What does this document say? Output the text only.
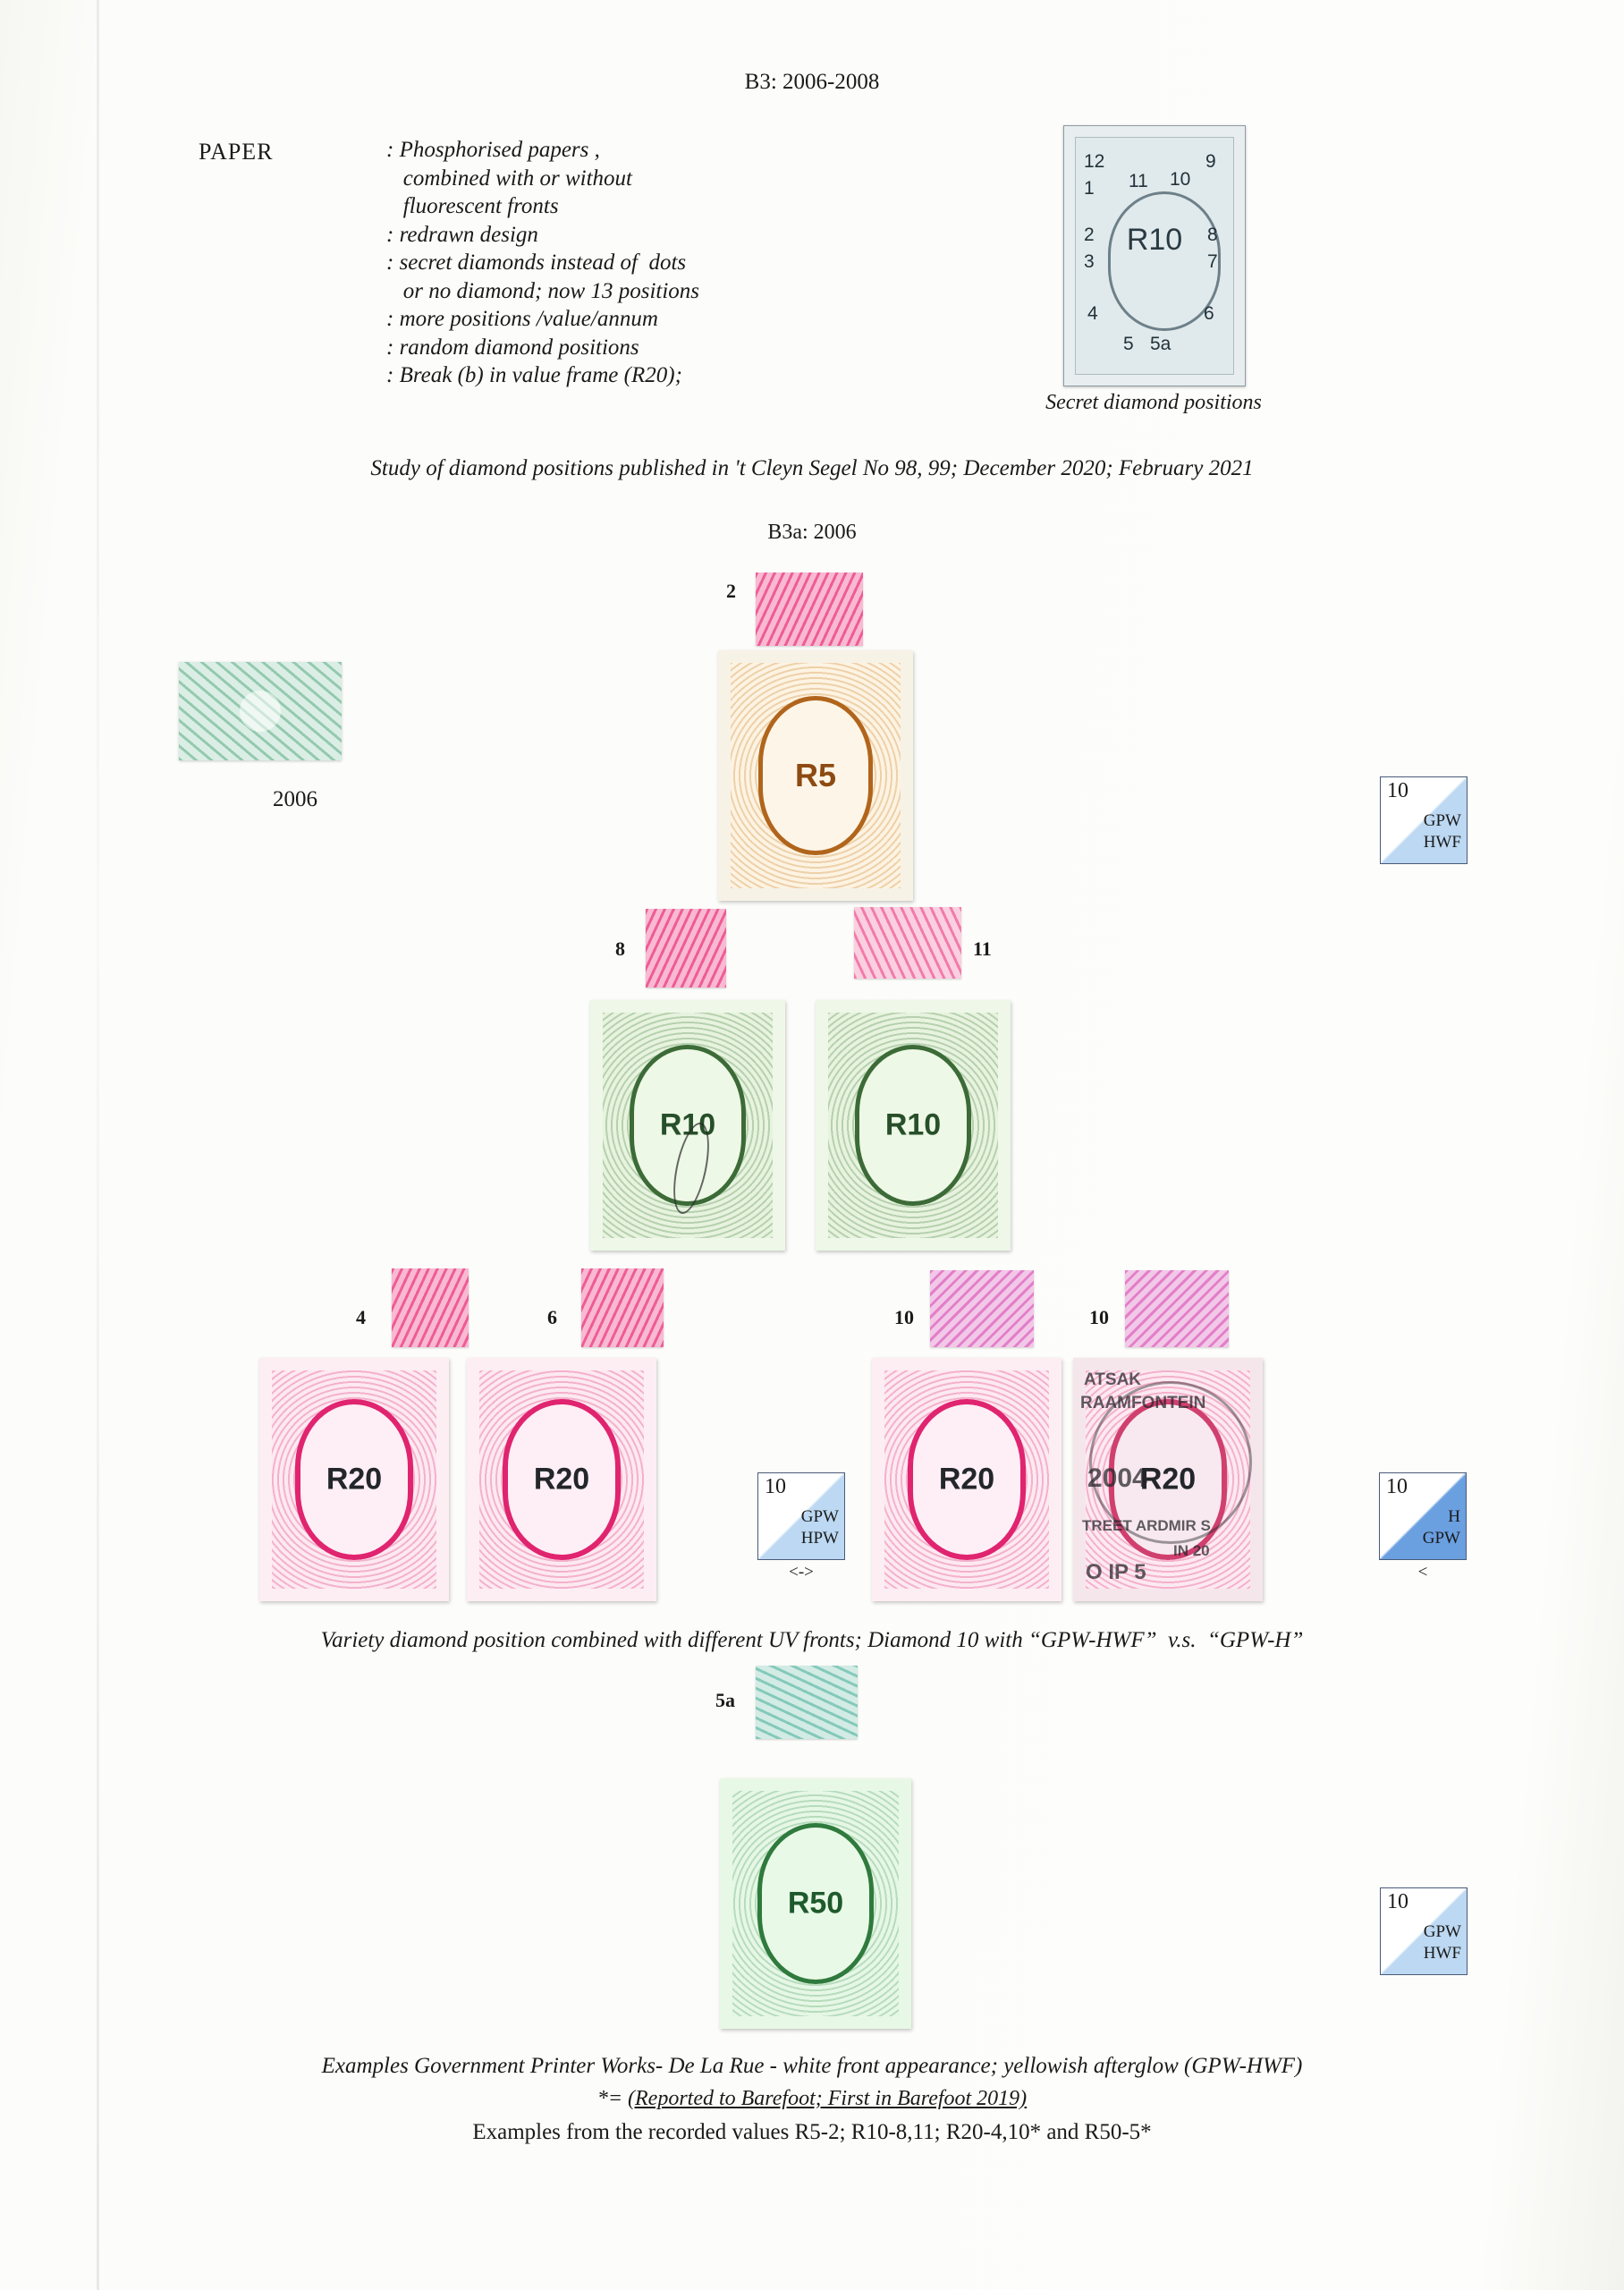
B3: 2006-2008
PAPER	: Phosphorised papers ,
combined with or without
fluorescent fronts
: redrawn design
: secret diamonds instead of  dots
or no diamond; now 13 positions
: more positions /value/annum
: random diamond positions
: Break (b) in value frame (R20);
R10
12
1
2
3
4
5 5a
6
7
8
9
10
11
Secret diamond positions
Study of diamond positions published in 't Cleyn Segel No 98, 99; December 2020; February 2021
B3a: 2006
2006
2
R5
8	11
R10	R10
4	6	10	10
R20	R20	R20	R20
ATSAK
RAAMFONTEIN
2004
TREET ARDMIR S
IN 20
O IP 5
10
GPW
HWF
10
GPW
HPW
<->
10
H
GPW
<
10
GPW
HWF
Variety diamond position combined with different UV fronts; Diamond 10 with “GPW-HWF”  v.s.  “GPW-H”
5a
R50
Examples Government Printer Works- De La Rue - white front appearance; yellowish afterglow (GPW-HWF)
*= (Reported to Barefoot; First in Barefoot 2019)
Examples from the recorded values R5-2; R10-8,11; R20-4,10* and R50-5*
